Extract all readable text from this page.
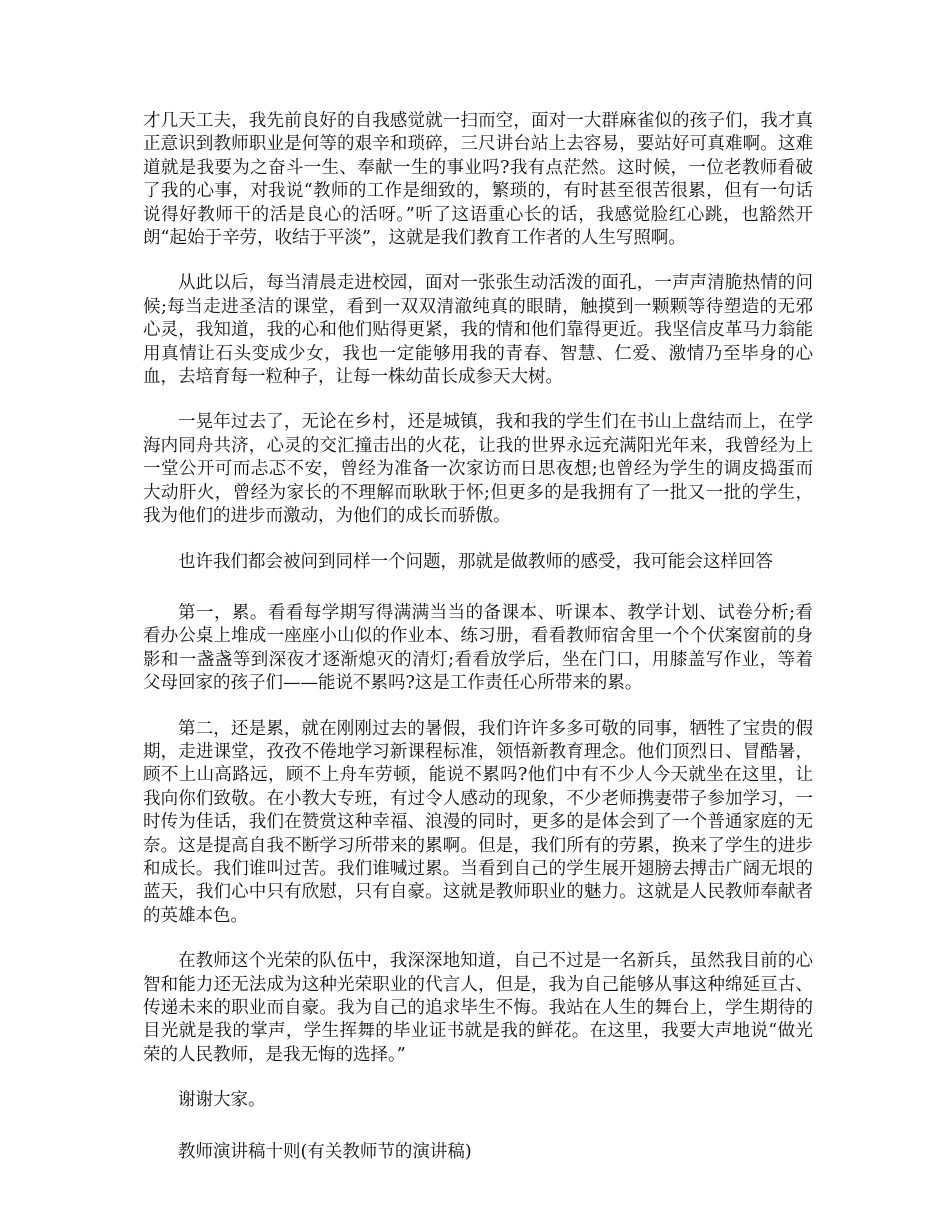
才几天工夫，我先前良好的自我感觉就一扫而空，面对一大群麻雀似的孩子们，我才真正意识到教师职业是何等的艰辛和琐碎，三尺讲台站上去容易，要站好可真难啊。这难道就是我要为之奋斗一生、奉献一生的事业吗?我有点茫然。这时候，一位老教师看破了我的心事，对我说“教师的工作是细致的，繁琐的，有时甚至很苦很累，但有一句话说得好教师干的活是良心的活呀。”听了这语重心长的话，我感觉脸红心跳，也豁然开朗“起始于辛劳，收结于平淡”，这就是我们教育工作者的人生写照啊。

从此以后，每当清晨走进校园，面对一张张生动活泼的面孔，一声声清脆热情的问候;每当走进圣洁的课堂，看到一双双清澈纯真的眼睛，触摸到一颗颗等待塑造的无邪心灵，我知道，我的心和他们贴得更紧，我的情和他们靠得更近。我坚信皮革马力翁能用真情让石头变成少女，我也一定能够用我的青春、智慧、仁爱、激情乃至毕身的心血，去培育每一粒种子，让每一株幼苗长成参天大树。

一晃年过去了，无论在乡村，还是城镇，我和我的学生们在书山上盘结而上，在学海内同舟共济，心灵的交汇撞击出的火花，让我的世界永远充满阳光年来，我曾经为上一堂公开可而忐忑不安，曾经为准备一次家访而日思夜想;也曾经为学生的调皮捣蛋而大动肝火，曾经为家长的不理解而耿耿于怀;但更多的是我拥有了一批又一批的学生，我为他们的进步而激动，为他们的成长而骄傲。

也许我们都会被问到同样一个问题，那就是做教师的感受，我可能会这样回答

第一，累。看看每学期写得满满当当的备课本、听课本、教学计划、试卷分析;看看办公桌上堆成一座座小山似的作业本、练习册，看看教师宿舍里一个个伏案窗前的身影和一盏盏等到深夜才逐渐熄灭的清灯;看看放学后，坐在门口，用膝盖写作业，等着父母回家的孩子们——能说不累吗?这是工作责任心所带来的累。

第二，还是累，就在刚刚过去的暑假，我们许许多多可敬的同事，牺牲了宝贵的假期，走进课堂，孜孜不倦地学习新课程标准，领悟新教育理念。他们顶烈日、冒酷暑，顾不上山高路远，顾不上舟车劳顿，能说不累吗?他们中有不少人今天就坐在这里，让我向你们致敬。在小教大专班，有过令人感动的现象，不少老师携妻带子参加学习，一时传为佳话，我们在赞赏这种幸福、浪漫的同时，更多的是体会到了一个普通家庭的无奈。这是提高自我不断学习所带来的累啊。但是，我们所有的劳累，换来了学生的进步和成长。我们谁叫过苦。我们谁喊过累。当看到自己的学生展开翅膀去搏击广阔无垠的蓝天，我们心中只有欣慰，只有自豪。这就是教师职业的魅力。这就是人民教师奉献者的英雄本色。

在教师这个光荣的队伍中，我深深地知道，自己不过是一名新兵，虽然我目前的心智和能力还无法成为这种光荣职业的代言人，但是，我为自己能够从事这种绵延亘古、传递未来的职业而自豪。我为自己的追求毕生不悔。我站在人生的舞台上，学生期待的目光就是我的掌声，学生挥舞的毕业证书就是我的鲜花。在这里，我要大声地说“做光荣的人民教师，是我无悔的选择。”

谢谢大家。

教师演讲稿十则(有关教师节的演讲稿)
